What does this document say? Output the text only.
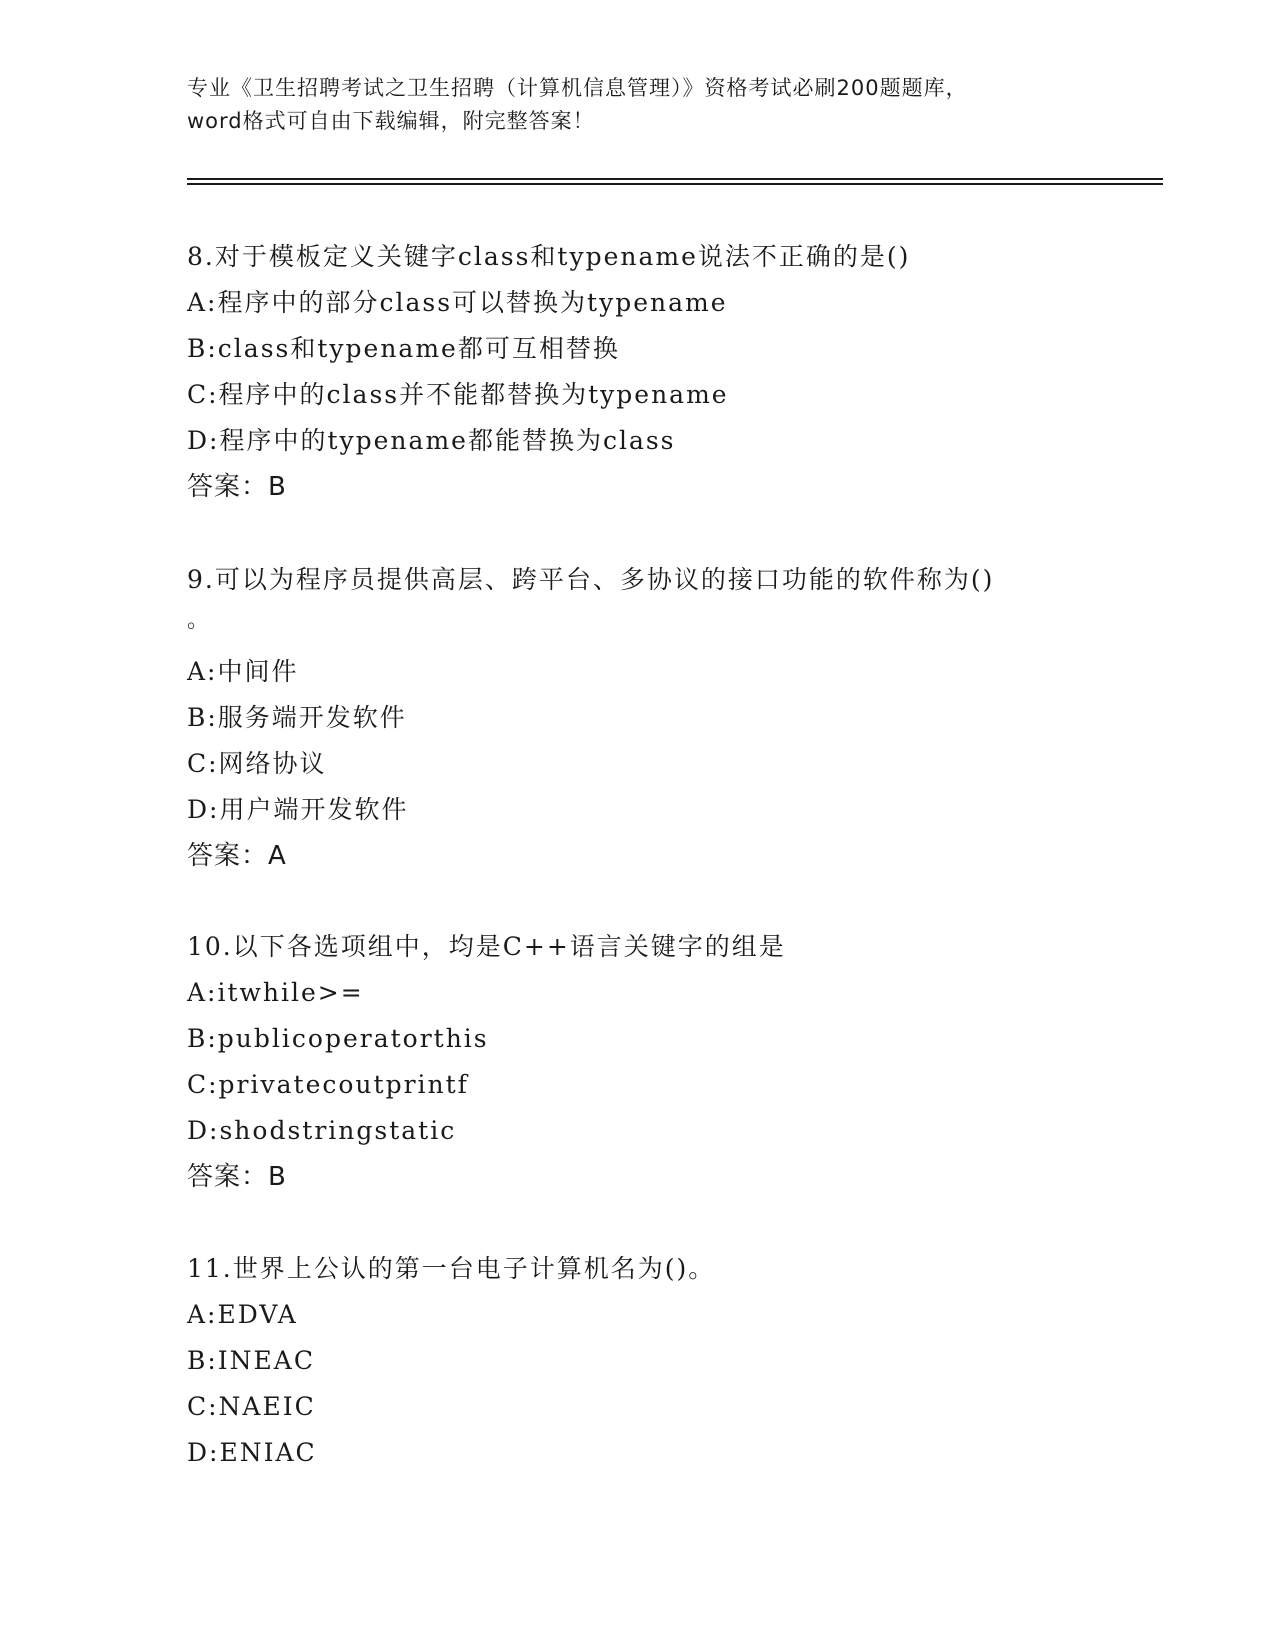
专业《卫生招聘考试之卫生招聘（计算机信息管理）》资格考试必刷200题题库，
word格式可自由下载编辑，附完整答案！
8.对于模板定义关键字class和typename说法不正确的是()
A:程序中的部分class可以替换为typename
B:class和typename都可互相替换
C:程序中的class并不能都替换为typename
D:程序中的typename都能替换为class
答案：B
9.可以为程序员提供高层、跨平台、多协议的接口功能的软件称为()
。
A:中间件
B:服务端开发软件
C:网络协议
D:用户端开发软件
答案：A
10.以下各选项组中，均是C++语言关键字的组是
A:itwhile>=
B:publicoperatorthis
C:privatecoutprintf
D:shodstringstatic
答案：B
11.世界上公认的第一台电子计算机名为()。
A:EDVA
B:INEAC
C:NAEIC
D:ENIAC
